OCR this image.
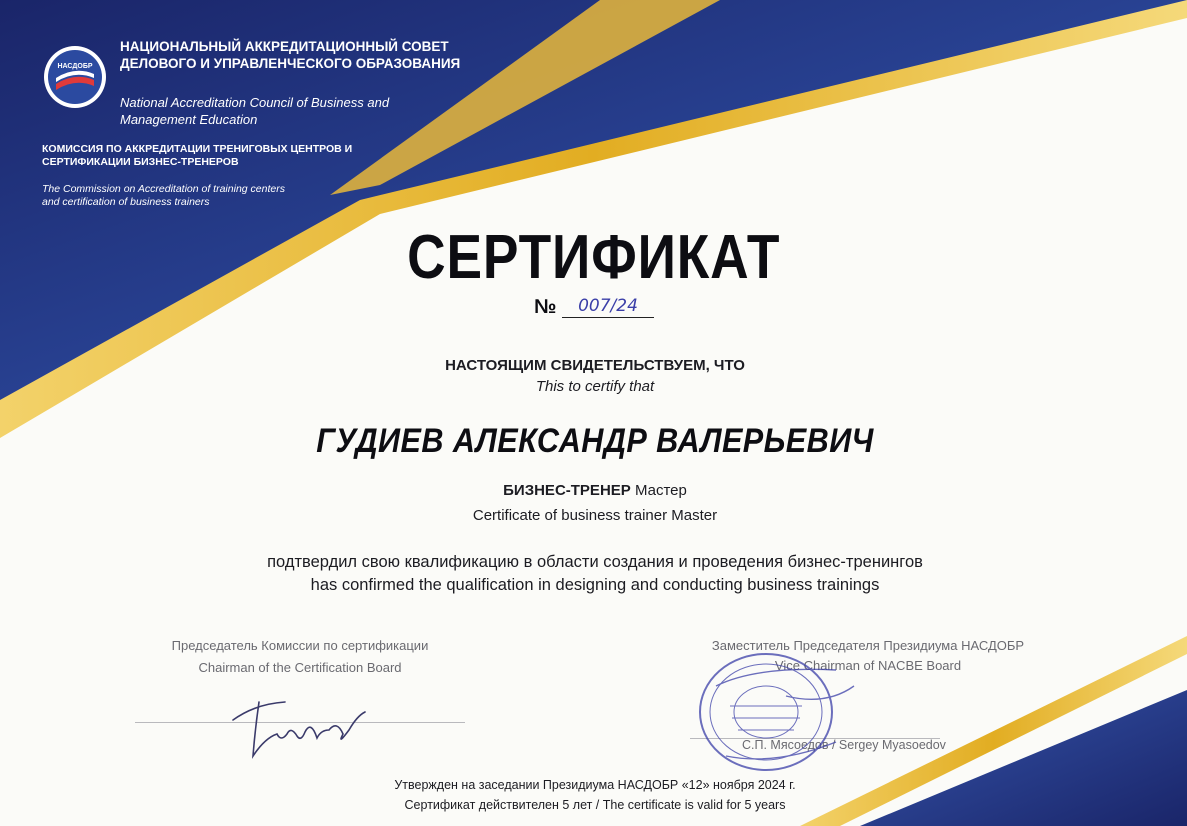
НАСДОБР
НАЦИОНАЛЬНЫЙ АККРЕДИТАЦИОННЫЙ СОВЕТ ДЕЛОВОГО И УПРАВЛЕНЧЕСКОГО ОБРАЗОВАНИЯ
National Accreditation Council of Business and Management Education
КОМИССИЯ ПО АККРЕДИТАЦИИ ТРЕНИГОВЫХ ЦЕНТРОВ И СЕРТИФИКАЦИИ БИЗНЕС-ТРЕНЕРОВ
The Commission on Accreditation of training centers and certification of business trainers
СЕРТИФИКАТ
№	007/24
НАСТОЯЩИМ СВИДЕТЕЛЬСТВУЕМ, ЧТО
This to certify that
ГУДИЕВ АЛЕКСАНДР ВАЛЕРЬЕВИЧ
БИЗНЕС-ТРЕНЕР Мастер
Certificate of business trainer Master
подтвердил свою квалификацию в области создания и проведения бизнес-тренингов
has confirmed the qualification in designing and conducting business trainings
Председатель Комиссии по сертификации
Chairman of the Certification Board
Заместитель Председателя Президиума НАСДОБР
Vice Chairman of NACBE Board
С.П. Мясоедов / Sergey Myasoedov
Утвержден на заседании Президиума НАСДОБР «12» ноября 2024 г.
Сертификат действителен 5 лет / The certificate is valid for 5 years
